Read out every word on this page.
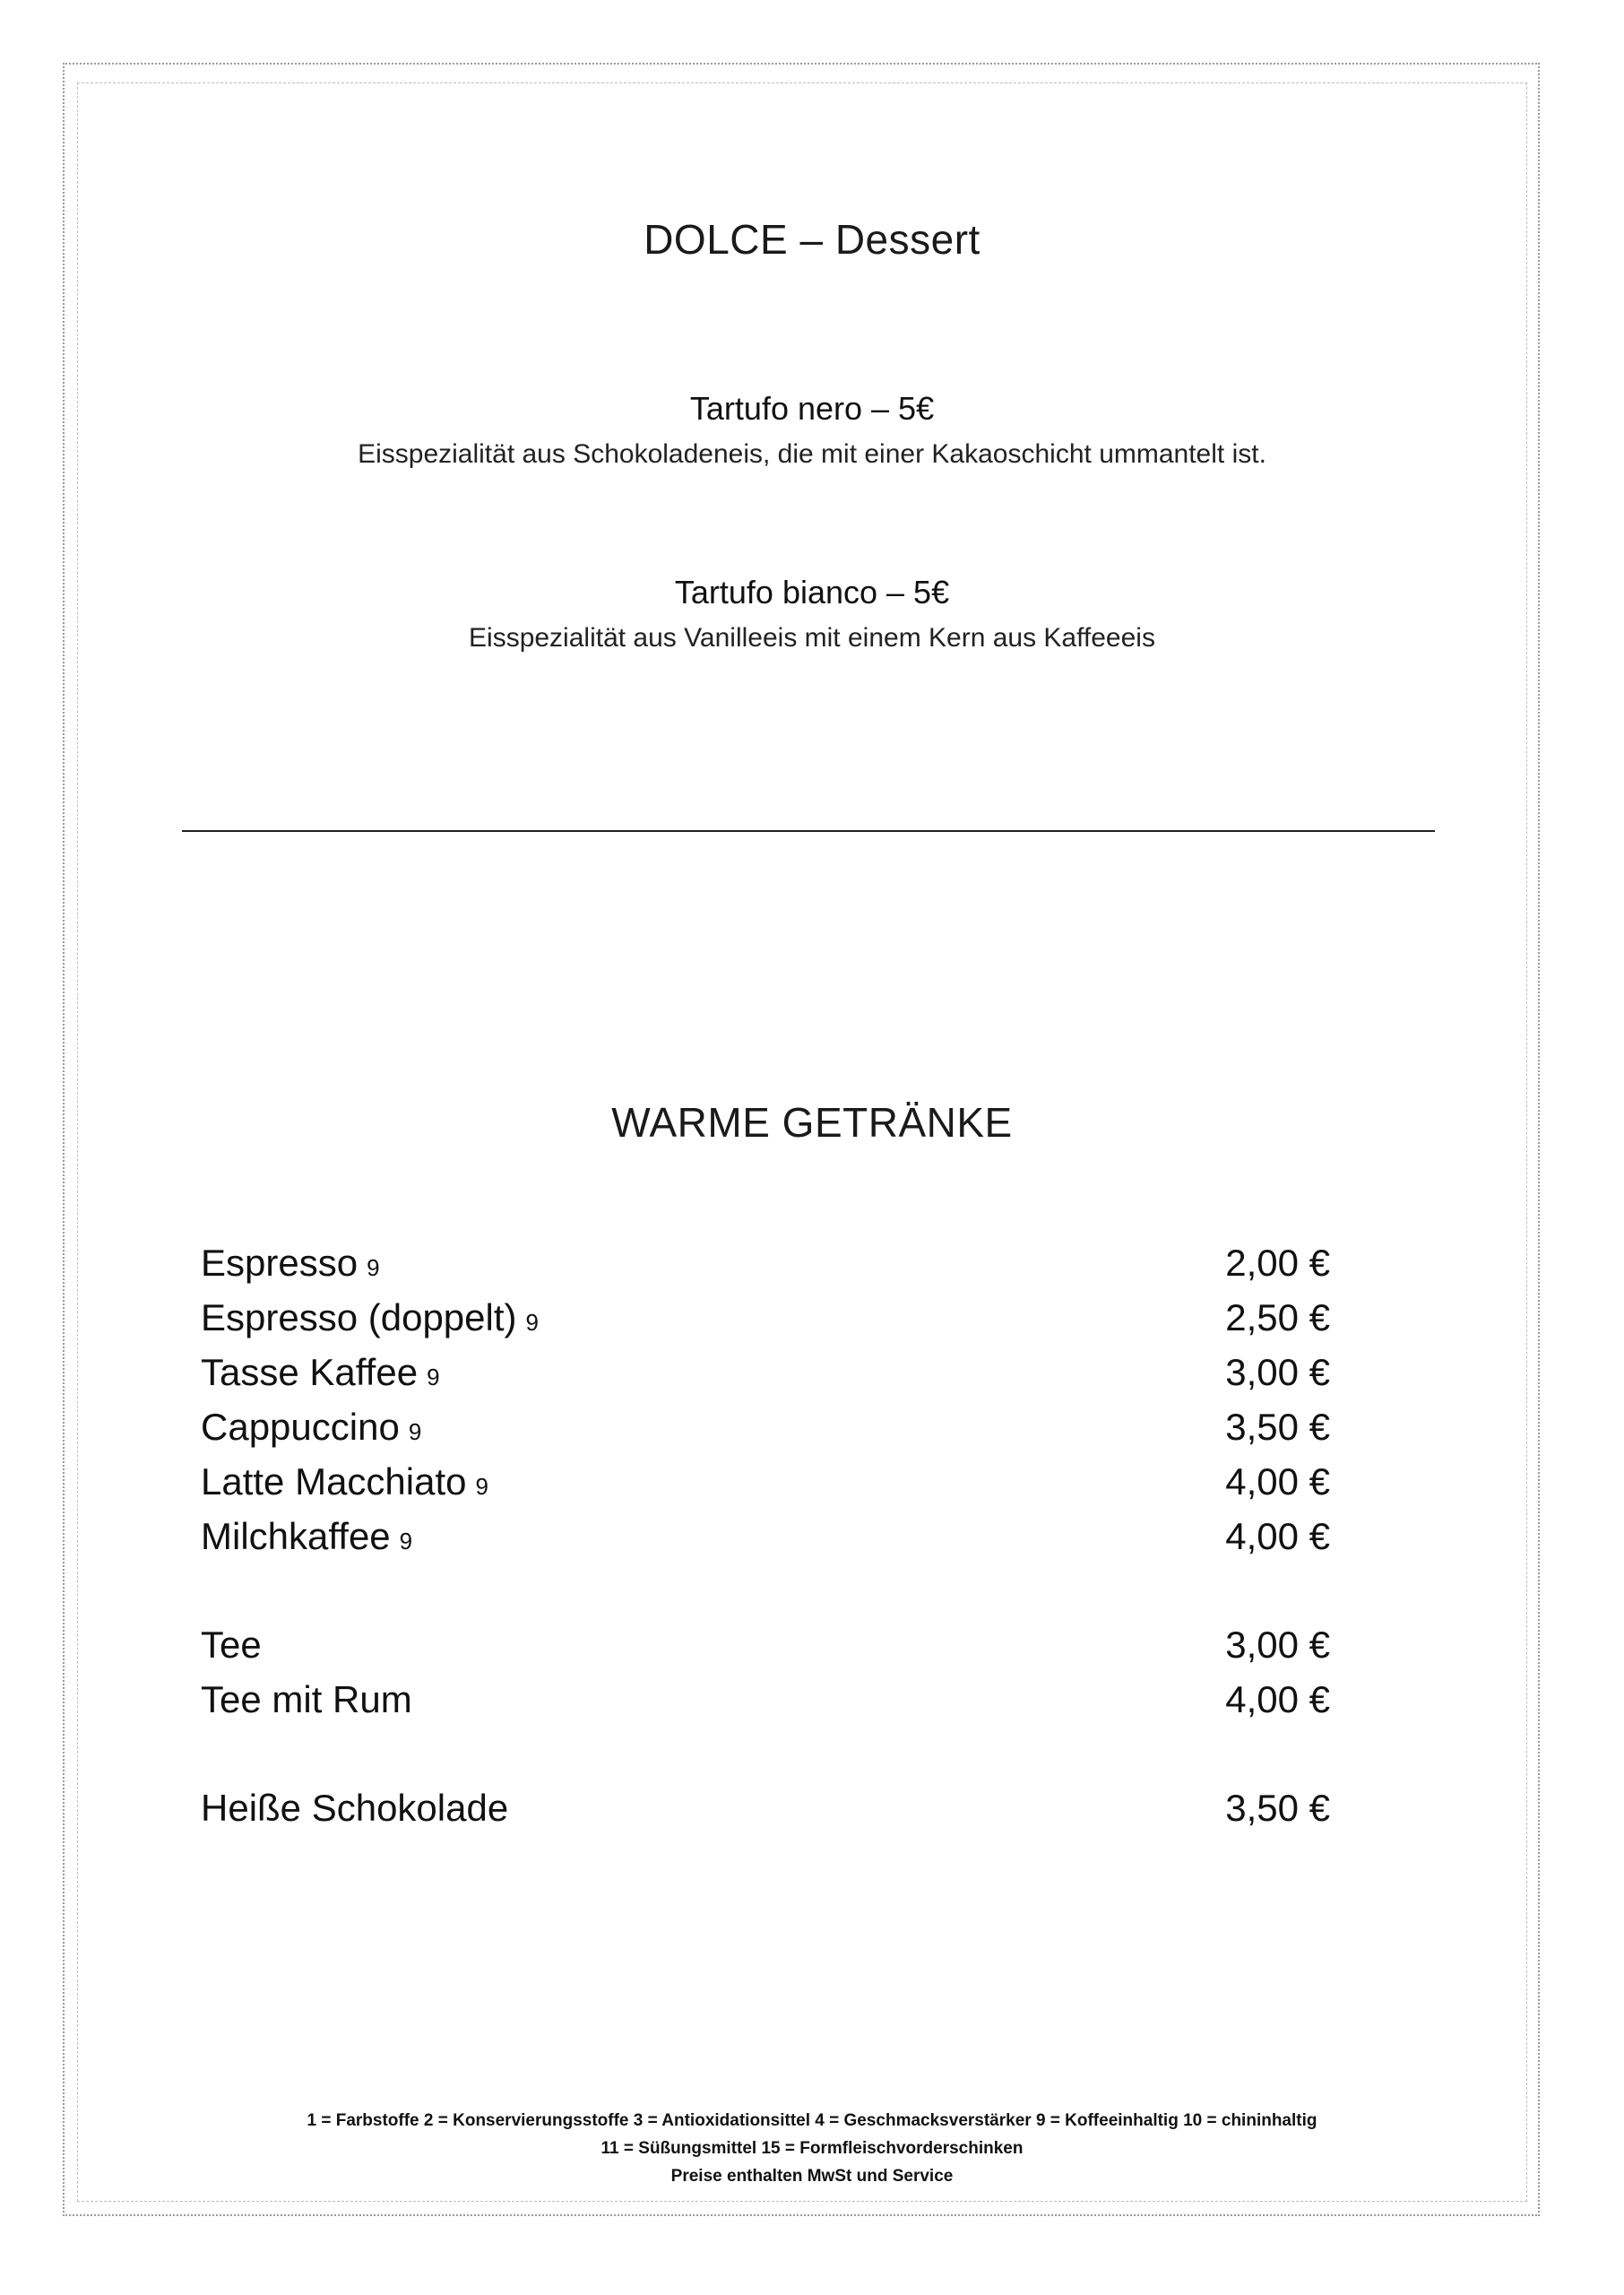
DOLCE – Dessert
Tartufo nero – 5€
Eisspezialität aus Schokoladeneis, die mit einer Kakaoschicht ummantelt ist.
Tartufo bianco – 5€
Eisspezialität aus Vanilleeis mit einem Kern aus Kaffeeeis
WARME GETRÄNKE
Espresso 9	2,00 €
Espresso (doppelt) 9	2,50 €
Tasse Kaffee 9	3,00 €
Cappuccino 9	3,50 €
Latte Macchiato 9	4,00 €
Milchkaffee 9	4,00 €
Tee	3,00 €
Tee mit Rum	4,00 €
Heiße Schokolade	3,50 €
1 = Farbstoffe 2 = Konservierungsstoffe 3 = Antioxidationsittel 4 = Geschmacksverstärker 9 = Koffeeinhaltig 10 = chininhaltig
11 = Süßungsmittel 15 = Formfleischvorderschinken
Preise enthalten MwSt und Service
